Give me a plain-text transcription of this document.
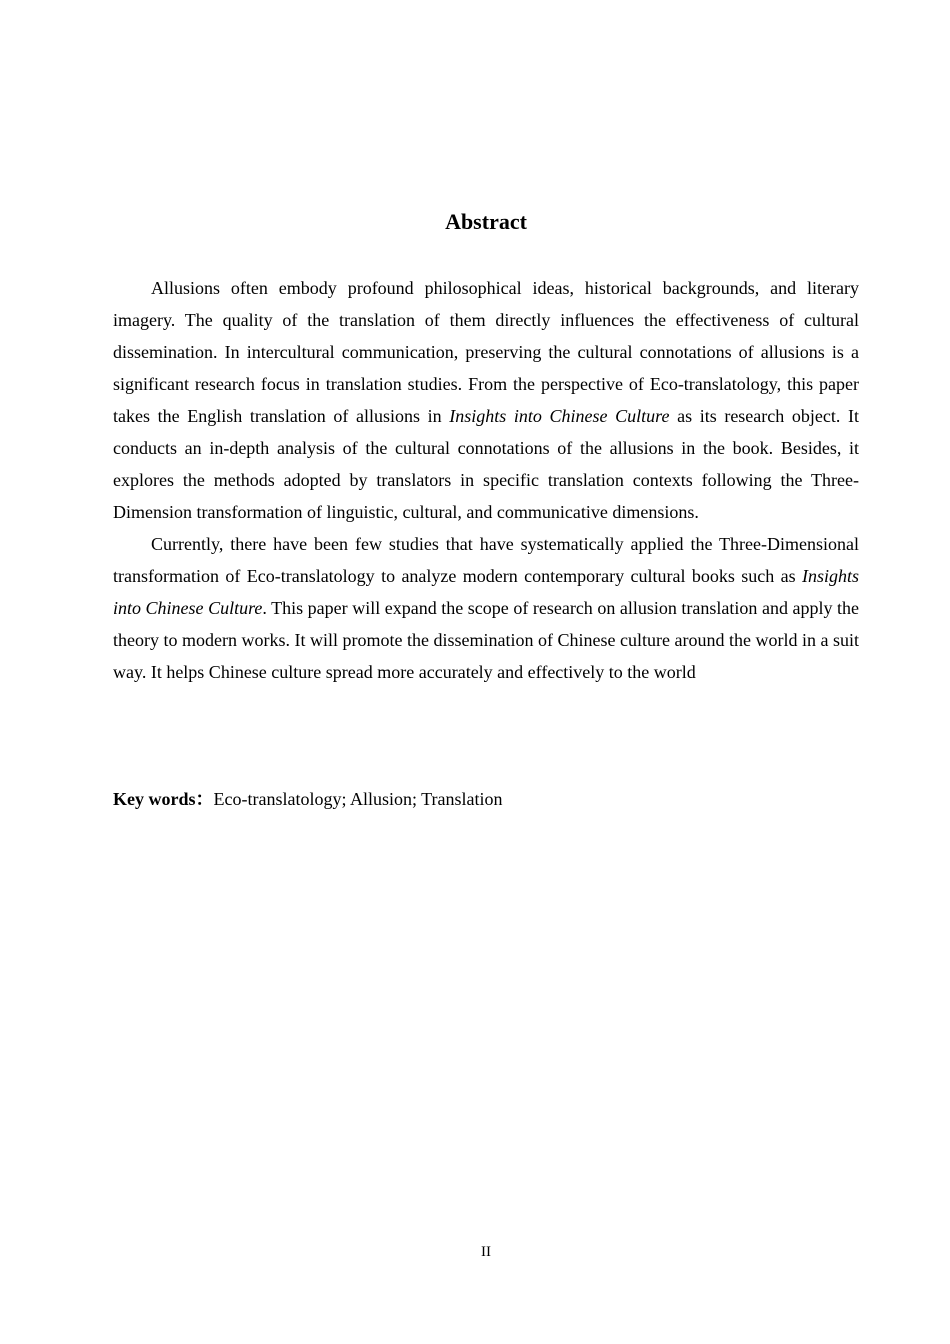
Abstract

Allusions often embody profound philosophical ideas, historical backgrounds, and literary imagery. The quality of the translation of them directly influences the effectiveness of cultural dissemination. In intercultural communication, preserving the cultural connotations of allusions is a significant research focus in translation studies. From the perspective of Eco-translatology, this paper takes the English translation of allusions in Insights into Chinese Culture as its research object. It conducts an in-depth analysis of the cultural connotations of the allusions in the book. Besides, it explores the methods adopted by translators in specific translation contexts following the Three-Dimension transformation of linguistic, cultural, and communicative dimensions.

Currently, there have been few studies that have systematically applied the Three-Dimensional transformation of Eco-translatology to analyze modern contemporary cultural books such as Insights into Chinese Culture. This paper will expand the scope of research on allusion translation and apply the theory to modern works. It will promote the dissemination of Chinese culture around the world in a suit way. It helps Chinese culture spread more accurately and effectively to the world

Key words：Eco-translatology; Allusion; Translation

II
